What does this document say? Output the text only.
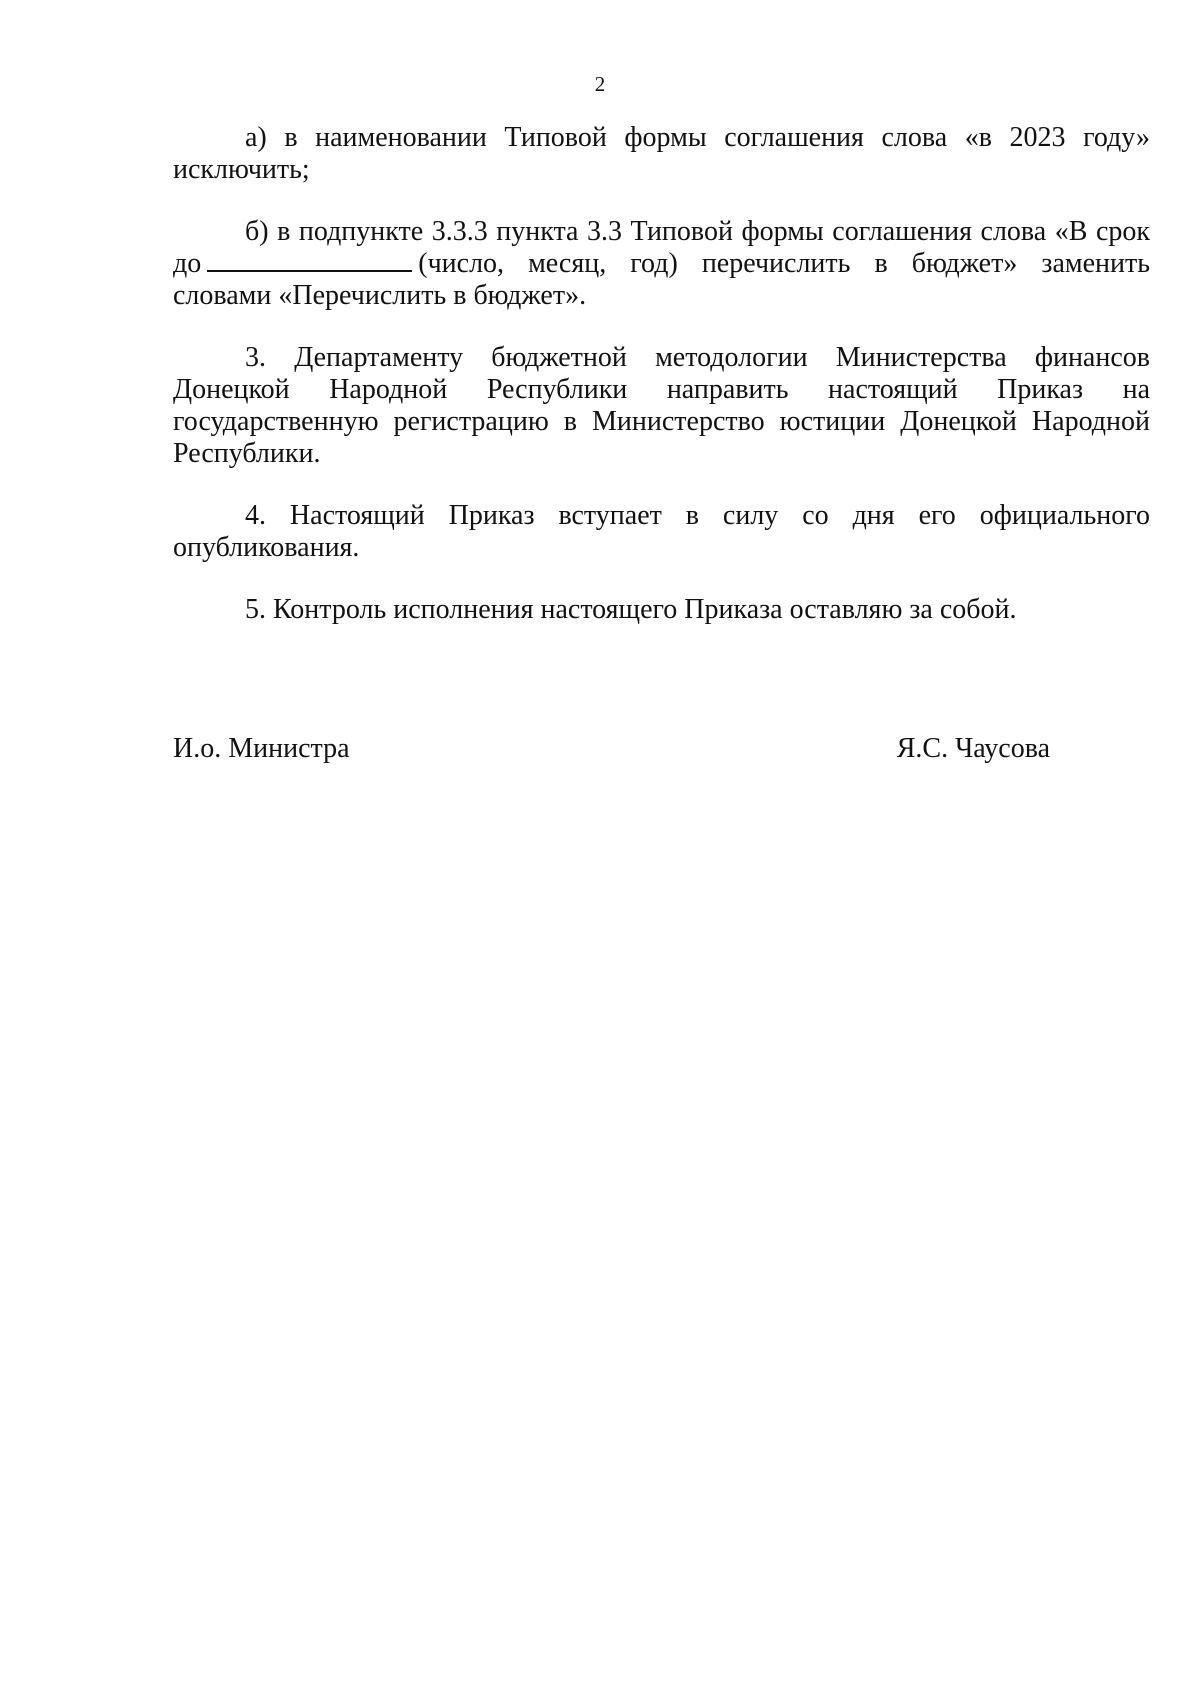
2

а) в наименовании Типовой формы соглашения слова «в 2023 году» исключить;

б) в подпункте 3.3.3 пункта 3.3 Типовой формы соглашения слова «В срок до	(число, месяц, год) перечислить в бюджет» заменить словами «Перечислить в бюджет».

3. Департаменту бюджетной методологии Министерства финансов Донецкой Народной Республики направить настоящий Приказ на государственную регистрацию в Министерство юстиции Донецкой Народной Республики.

4. Настоящий Приказ вступает в силу со дня его официального опубликования.

5. Контроль исполнения настоящего Приказа оставляю за собой.

И.о. Министра	Я.С. Чаусова
